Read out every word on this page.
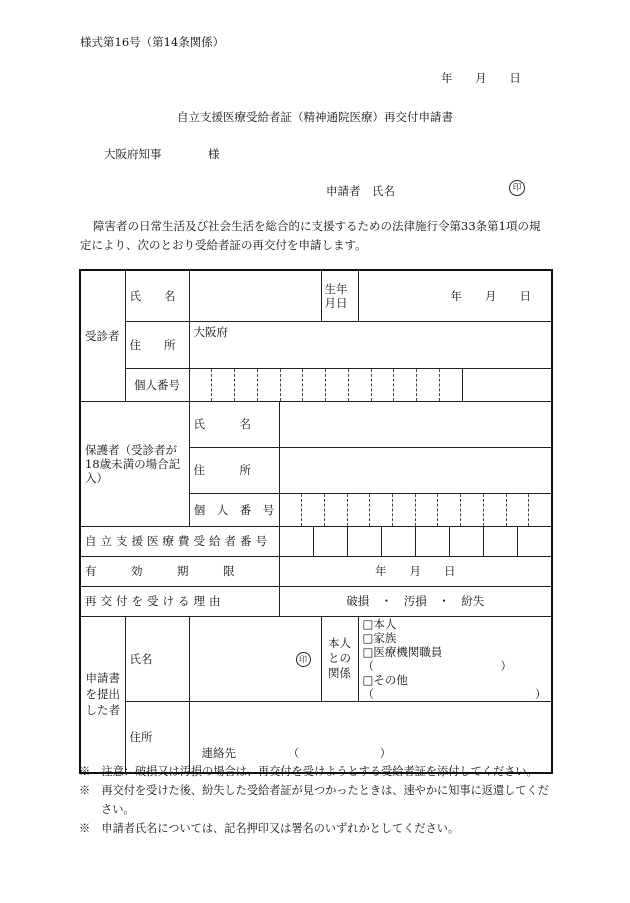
様式第16号（第14条関係）
年 月 日
自立支援医療受給者証（精神通院医療）再交付申請書
大阪府知事	様
申請者　氏名	印
障害者の日常生活及び社会生活を総合的に支援するための法律施行令第33条第1項の規定により、次のとおり受給者証の再交付を申請します。
受診者	氏　　名			生年月日	年　　月　　日
	住　　所	大阪府			
	個人番号				

保護者（受診者が18歳未満の場合記入）		氏　　　名			
		住　　　所			
		個　人　番　号			

自立支援医療費受給者番号					

有　　　効　　　期　　　限			年　　月　　日		
再交付を受ける理由			破損　・　汚損　・　紛失		
申請書を提出した者	氏名	印		本人との関係	□本人
□家族
□医療機関職員（　　　　　　　　　　　）
□その他（　　　　　　　　　　　　　　）

	住所	連絡先　　　　　（　　　　　　　）			

※　注意：破損又は汚損の場合は、再交付を受けようとする受給者証を添付してください。

※　再交付を受けた後、紛失した受給者証が見つかったときは、速やかに知事に返還してください。

※　申請者氏名については、記名押印又は署名のいずれかとしてください。
